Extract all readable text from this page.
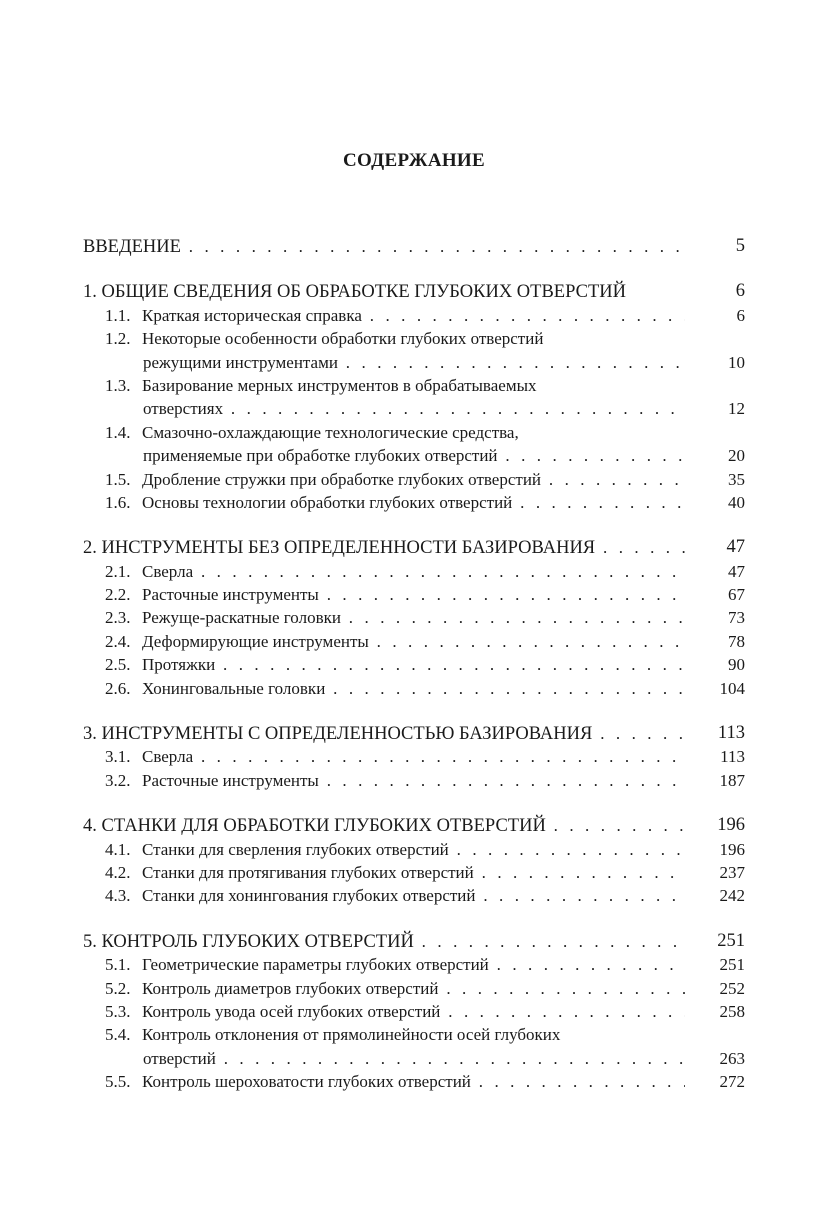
СОДЕРЖАНИЕ
ВВЕДЕНИЕ . . .	5
1. ОБЩИЕ СВЕДЕНИЯ ОБ ОБРАБОТКЕ ГЛУБОКИХ ОТВЕРСТИЙ	6
1.1. Краткая историческая справка . . .	6
1.2. Некоторые особенности обработки глубоких отверстий
режущими инструментами . . .	10
1.3. Базирование мерных инструментов в обрабатываемых
отверстиях . . .	12
1.4. Смазочно-охлаждающие технологические средства,
применяемые при обработке глубоких отверстий . . .	20
1.5. Дробление стружки при обработке глубоких отверстий . . .	35
1.6. Основы технологии обработки глубоких отверстий . . .	40
2. ИНСТРУМЕНТЫ БЕЗ ОПРЕДЕЛЕННОСТИ БАЗИРОВАНИЯ . . .	47
2.1. Сверла . . .	47
2.2. Расточные инструменты . . .	67
2.3. Режуще-раскатные головки . . .	73
2.4. Деформирующие инструменты . . .	78
2.5. Протяжки . . .	90
2.6. Хонинговальные головки . . .	104
3. ИНСТРУМЕНТЫ С ОПРЕДЕЛЕННОСТЬЮ БАЗИРОВАНИЯ . . .	113
3.1. Сверла . . .	113
3.2. Расточные инструменты . . .	187
4. СТАНКИ ДЛЯ ОБРАБОТКИ ГЛУБОКИХ ОТВЕРСТИЙ . . .	196
4.1. Станки для сверления глубоких отверстий . . .	196
4.2. Станки для протягивания глубоких отверстий . . .	237
4.3. Станки для хонингования глубоких отверстий . . .	242
5. КОНТРОЛЬ ГЛУБОКИХ ОТВЕРСТИЙ . . .	251
5.1. Геометрические параметры глубоких отверстий . . .	251
5.2. Контроль диаметров глубоких отверстий . . .	252
5.3. Контроль увода осей глубоких отверстий . . .	258
5.4. Контроль отклонения от прямолинейности осей глубоких
отверстий . . .	263
5.5. Контроль шероховатости глубоких отверстий . . .	272
